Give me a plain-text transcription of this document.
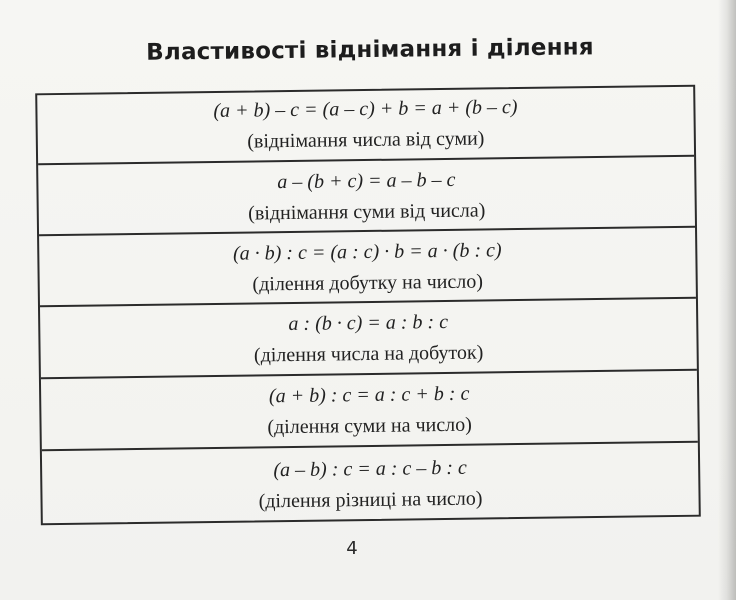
Властивості віднімання і ділення
(a + b) – c = (a – c) + b = a + (b – c)
(віднімання числа від суми)
a – (b + c) = a – b – c
(віднімання суми від числа)
(a · b) : c = (a : c) · b = a · (b : c)
(ділення добутку на число)
a : (b · c) = a : b : c
(ділення числа на добуток)
(a + b) : c = a : c + b : c
(ділення суми на число)
(a – b) : c = a : c – b : c
(ділення різниці на число)
4
